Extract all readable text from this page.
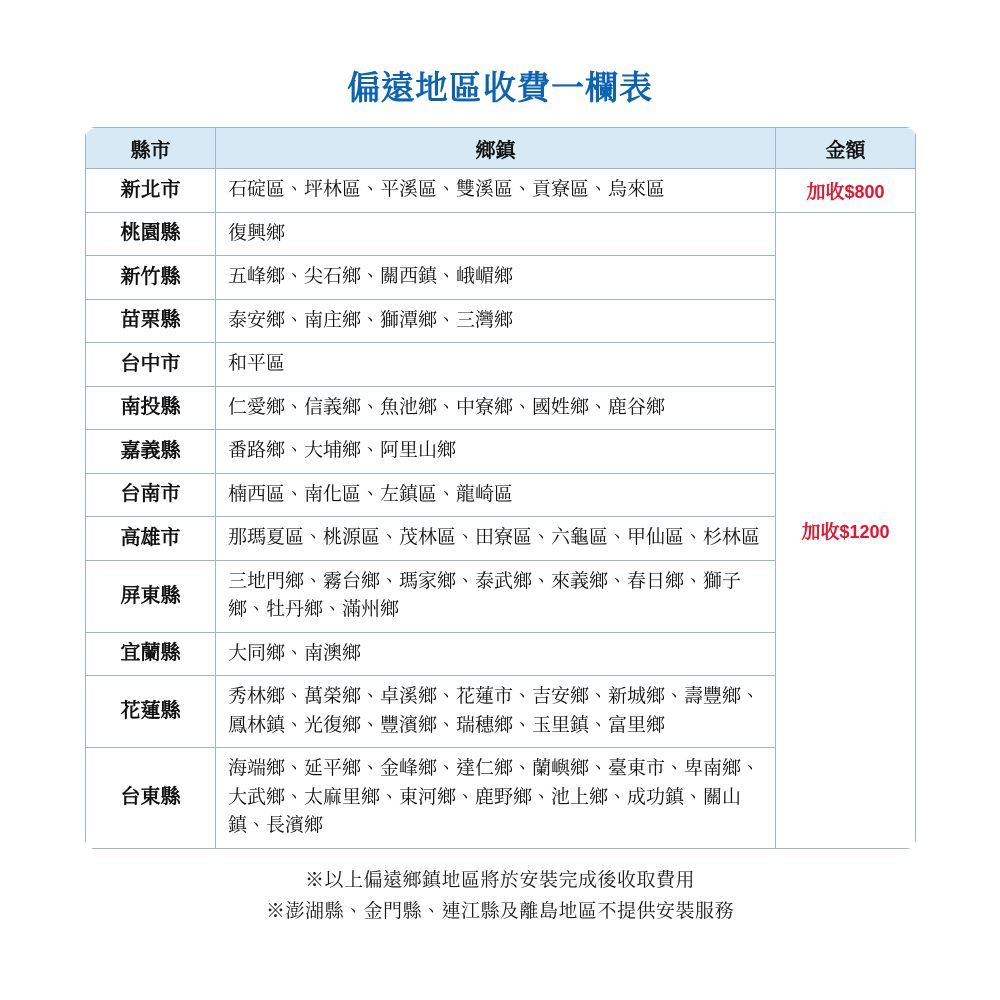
偏遠地區收費一欄表
縣市	鄉鎮	金額
新北市	石碇區、坪林區、平溪區、雙溪區、貢寮區、烏來區	加收$800
桃園縣	復興鄉	加收$1200
新竹縣	五峰鄉、尖石鄉、關西鎮、峨嵋鄉	
苗栗縣	泰安鄉、南庄鄉、獅潭鄉、三灣鄉	
台中市	和平區	
南投縣	仁愛鄉、信義鄉、魚池鄉、中寮鄉、國姓鄉、鹿谷鄉	
嘉義縣	番路鄉、大埔鄉、阿里山鄉	
台南市	楠西區、南化區、左鎮區、龍崎區	
高雄市	那瑪夏區、桃源區、茂林區、田寮區、六龜區、甲仙區、杉林區	
屏東縣	三地門鄉、霧台鄉、瑪家鄉、泰武鄉、來義鄉、春日鄉、獅子鄉、牡丹鄉、滿州鄉	
宜蘭縣	大同鄉、南澳鄉	
花蓮縣	秀林鄉、萬榮鄉、卓溪鄉、花蓮市、吉安鄉、新城鄉、壽豐鄉、鳳林鎮、光復鄉、豐濱鄉、瑞穗鄉、玉里鎮、富里鄉	
台東縣	海端鄉、延平鄉、金峰鄉、達仁鄉、蘭嶼鄉、臺東市、卑南鄉、大武鄉、太麻里鄉、東河鄉、鹿野鄉、池上鄉、成功鎮、關山鎮、長濱鄉	
※以上偏遠鄉鎮地區將於安裝完成後收取費用
※澎湖縣、金門縣、連江縣及離島地區不提供安裝服務
